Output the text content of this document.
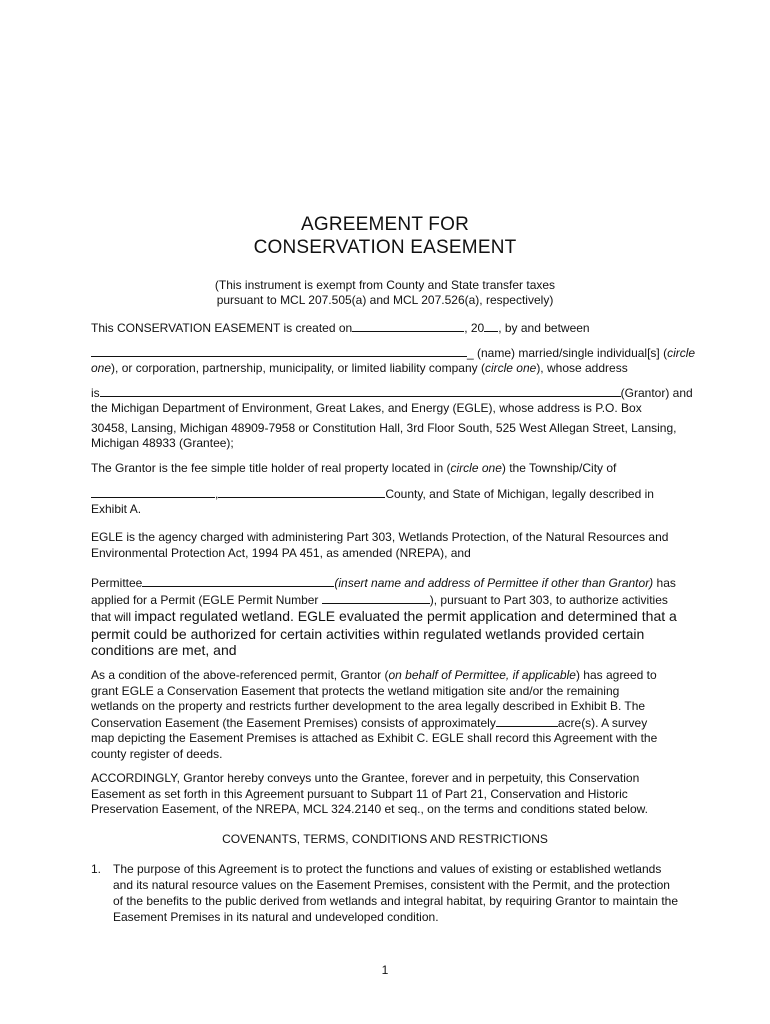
AGREEMENT FOR
CONSERVATION EASEMENT
(This instrument is exempt from County and State transfer taxes
pursuant to MCL 207.505(a) and MCL 207.526(a), respectively)
This CONSERVATION EASEMENT is created on	, 20 , by and between
_ (name) married/single individual[s] (circle
one), or corporation, partnership, municipality, or limited liability company (circle one), whose address
is	(Grantor) and
the Michigan Department of Environment, Great Lakes, and Energy (EGLE), whose address is P.O. Box
30458, Lansing, Michigan 48909-7958 or Constitution Hall, 3rd Floor South, 525 West Allegan Street, Lansing,
Michigan 48933 (Grantee);
The Grantor is the fee simple title holder of real property located in (circle one) the Township/City of
,	County, and State of Michigan, legally described in
Exhibit A.
EGLE is the agency charged with administering Part 303, Wetlands Protection, of the Natural Resources and
Environmental Protection Act, 1994 PA 451, as amended (NREPA), and
Permittee	(insert name and address of Permittee if other than Grantor) has
applied for a Permit (EGLE Permit Number	), pursuant to Part 303, to authorize activities
that will impact regulated wetland. EGLE evaluated the permit application and determined that a
permit could be authorized for certain activities within regulated wetlands provided certain
conditions are met, and
As a condition of the above-referenced permit, Grantor (on behalf of Permittee, if applicable) has agreed to
grant EGLE a Conservation Easement that protects the wetland mitigation site and/or the remaining
wetlands on the property and restricts further development to the area legally described in Exhibit B. The
Conservation Easement (the Easement Premises) consists of approximately	acre(s). A survey
map depicting the Easement Premises is attached as Exhibit C. EGLE shall record this Agreement with the
county register of deeds.
ACCORDINGLY, Grantor hereby conveys unto the Grantee, forever and in perpetuity, this Conservation
Easement as set forth in this Agreement pursuant to Subpart 11 of Part 21, Conservation and Historic
Preservation Easement, of the NREPA, MCL 324.2140 et seq., on the terms and conditions stated below.
COVENANTS, TERMS, CONDITIONS AND RESTRICTIONS
1. The purpose of this Agreement is to protect the functions and values of existing or established wetlands
and its natural resource values on the Easement Premises, consistent with the Permit, and the protection
of the benefits to the public derived from wetlands and integral habitat, by requiring Grantor to maintain the
Easement Premises in its natural and undeveloped condition.
1
